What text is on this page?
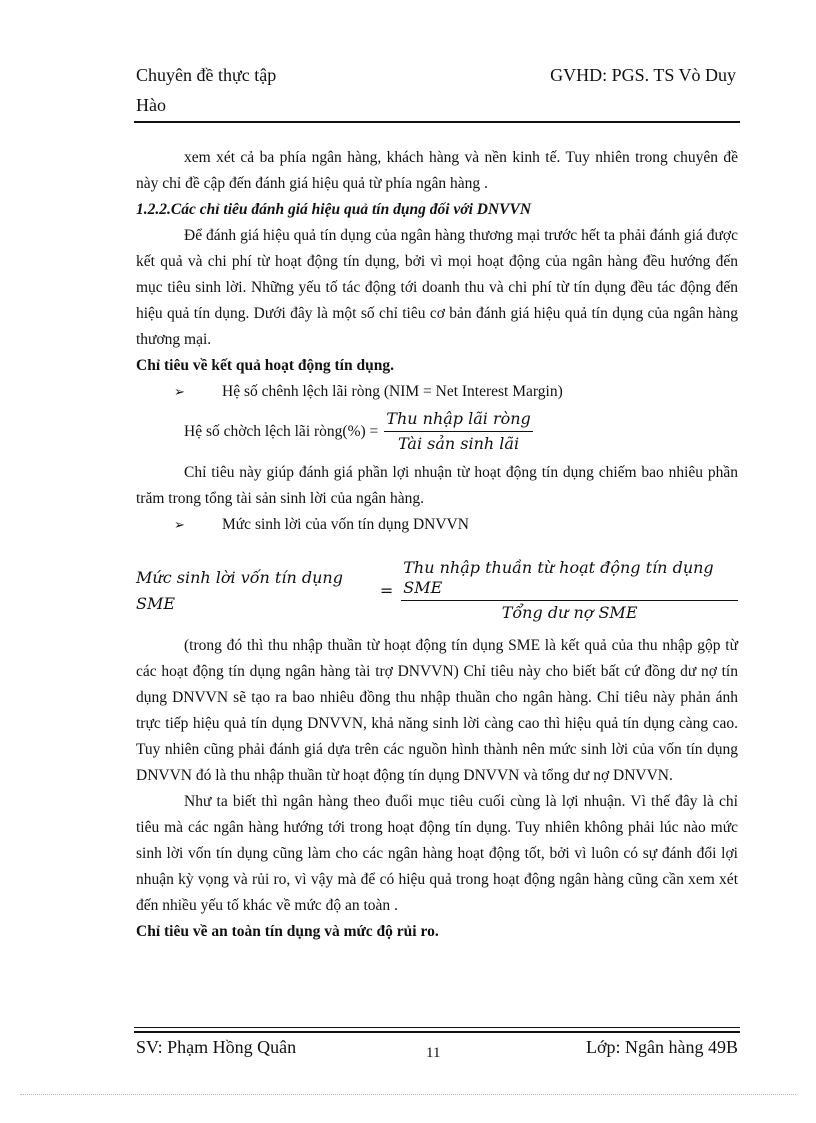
Chuyên đề thực tập
Hào
GVHD: PGS. TS Vò Duy

xem xét cả ba phía ngân hàng, khách hàng và nền kinh tế. Tuy nhiên trong chuyên đề này chỉ đề cập đến đánh giá hiệu quả từ phía ngân hàng .

1.2.2.Các chỉ tiêu đánh giá hiệu quả tín dụng đối với DNVVN

Để đánh giá hiệu quả tín dụng của ngân hàng thương mại trước hết ta phải đánh giá được kết quả và chi phí từ hoạt động tín dụng, bởi vì mọi hoạt động của ngân hàng đều hướng đến mục tiêu sinh lời. Những yếu tố tác động tới doanh thu và chi phí từ tín dụng đều tác động đến hiệu quả tín dụng. Dưới đây là một số chỉ tiêu cơ bản đánh giá hiệu quả tín dụng của ngân hàng thương mại.

Chỉ tiêu về kết quả hoạt động tín dụng.

➢	Hệ số chênh lệch lãi ròng (NIM = Net Interest Margin)
Hệ số chờch lệch lãi ròng(%) = $\frac{\text{Thu nhập lãi ròng}}{\text{Tài sản sinh lãi}}$

Chỉ tiêu này giúp đánh giá phần lợi nhuận từ hoạt động tín dụng chiếm bao nhiêu phần trăm trong tổng tài sản sinh lời của ngân hàng.

➢	Mức sinh lời của vốn tín dụng DNVVN
Mức sinh lời vốn tín dụng SME
= $\frac{\text{Thu nhập thuần từ hoạt động tín dụng SME}}{\text{Tổng dư nợ SME}}$

(trong đó thì thu nhập thuần từ hoạt động tín dụng SME là kết quả của thu nhập gộp từ các hoạt động tín dụng ngân hàng tài trợ DNVVN) Chỉ tiêu này cho biết bất cứ đồng dư nợ tín dụng DNVVN sẽ tạo ra bao nhiêu đồng thu nhập thuần cho ngân hàng. Chỉ tiêu này phản ánh trực tiếp hiệu quả tín dụng DNVVN, khả năng sinh lời càng cao thì hiệu quả tín dụng càng cao. Tuy nhiên cũng phải đánh giá dựa trên các nguồn hình thành nên mức sinh lời của vốn tín dụng DNVVN đó là thu nhập thuần từ hoạt động tín dụng DNVVN và tổng dư nợ DNVVN.

Như ta biết thì ngân hàng theo đuổi mục tiêu cuối cùng là lợi nhuận. Vì thế đây là chỉ tiêu mà các ngân hàng hướng tới trong hoạt động tín dụng. Tuy nhiên không phải lúc nào mức sinh lời vốn tín dụng cũng làm cho các ngân hàng hoạt động tốt, bởi vì luôn có sự đánh đổi lợi nhuận kỳ vọng và rủi ro, vì vậy mà để có hiệu quả trong hoạt động ngân hàng cũng cần xem xét đến nhiều yếu tố khác về mức độ an toàn .

Chỉ tiêu về an toàn tín dụng và mức độ rủi ro.

SV: Phạm Hồng Quân	11	Lớp: Ngân hàng 49B
